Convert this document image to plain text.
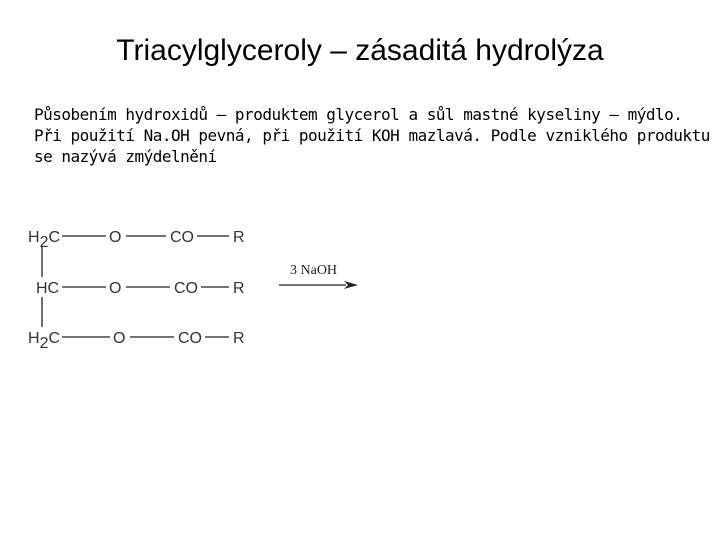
Triacylglyceroly – zásaditá hydrolýza
Působením hydroxidů – produktem glycerol a sůl mastné kyseliny – mýdlo. Při použití Na.OH pevná, při použití KOH mazlavá. Podle vzniklého produktu se nazývá zmýdelnění
H2C	O	CO R
HC	O	CO R
H2C	O	CO R
3 NaOH
